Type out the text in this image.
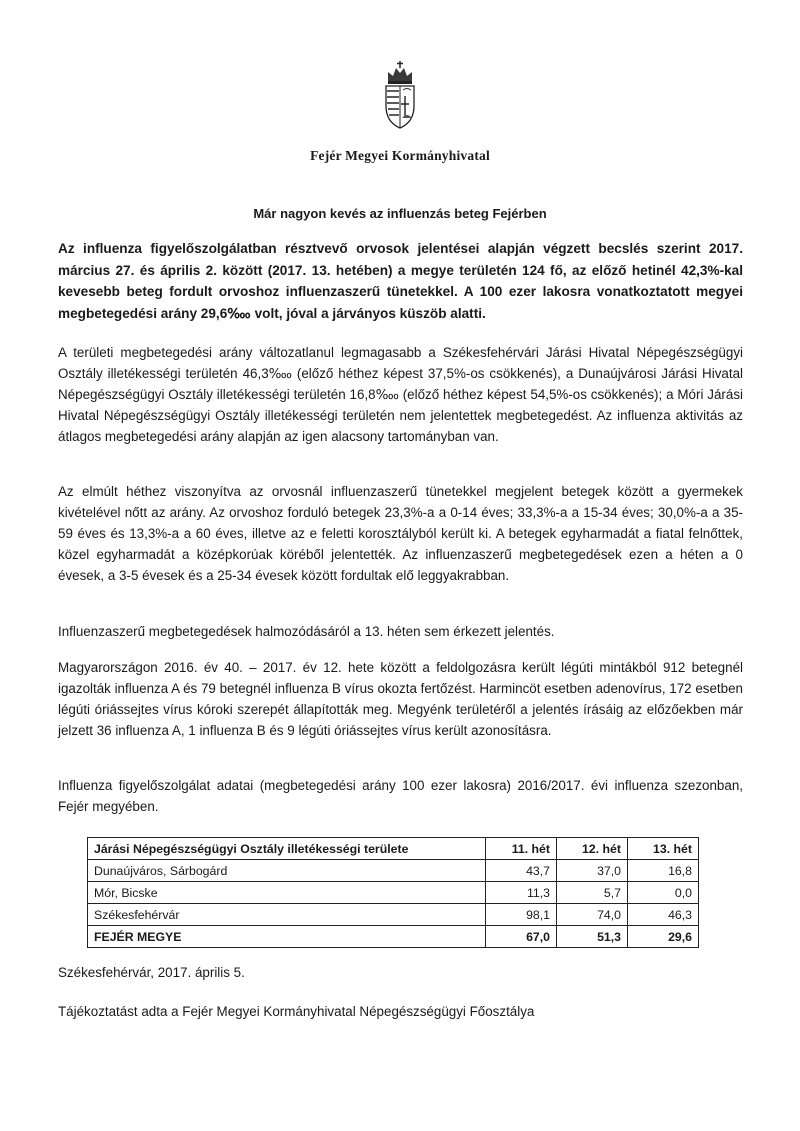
Fejér Megyei Kormányhivatal
Már nagyon kevés az influenzás beteg Fejérben

Az influenza figyelőszolgálatban résztvevő orvosok jelentései alapján végzett becslés szerint 2017. március 27. és április 2. között (2017. 13. hetében) a megye területén 124 fő, az előző hetinél 42,3%-kal kevesebb beteg fordult orvoshoz influenzaszerű tünetekkel. A 100 ezer lakosra vonatkoztatott megyei megbetegedési arány 29,6‱ volt, jóval a járványos küszöb alatti.

A területi megbetegedési arány változatlanul legmagasabb a Székesfehérvári Járási Hivatal Népegészségügyi Osztály illetékességi területén 46,3‱ (előző héthez képest 37,5%-os csökkenés), a Dunaújvárosi Járási Hivatal Népegészségügyi Osztály illetékességi területén 16,8‱ (előző héthez képest 54,5%-os csökkenés); a Móri Járási Hivatal Népegészségügyi Osztály illetékességi területén nem jelentettek megbetegedést. Az influenza aktivitás az átlagos megbetegedési arány alapján az igen alacsony tartományban van.

Az elmúlt héthez viszonyítva az orvosnál influenzaszerű tünetekkel megjelent betegek között a gyermekek kivételével nőtt az arány. Az orvoshoz forduló betegek 23,3%-a a 0-14 éves; 33,3%-a a 15-34 éves; 30,0%-a a 35-59 éves és 13,3%-a a 60 éves, illetve az e feletti korosztályból került ki. A betegek egyharmadát a fiatal felnőttek, közel egyharmadát a középkorúak köréből jelentették. Az influenzaszerű megbetegedések ezen a héten a 0 évesek, a 3-5 évesek és a 25-34 évesek között fordultak elő leggyakrabban.

Influenzaszerű megbetegedések halmozódásáról a 13. héten sem érkezett jelentés.

Magyarországon 2016. év 40. – 2017. év 12. hete között a feldolgozásra került légúti mintákból 912 betegnél igazolták influenza A és 79 betegnél influenza B vírus okozta fertőzést. Harmincöt esetben adenovírus, 172 esetben légúti óriássejtes vírus kóroki szerepét állapították meg. Megyénk területéről a jelentés írásáig az előzőekben már jelzett 36 influenza A, 1 influenza B és 9 légúti óriássejtes vírus került azonosításra.

Influenza figyelőszolgálat adatai (megbetegedési arány 100 ezer lakosra) 2016/2017. évi influenza szezonban, Fejér megyében.

Járási Népegészségügyi Osztály illetékességi területe	11. hét	12. hét	13. hét
Dunaújváros, Sárbogárd	43,7	37,0	16,8
Mór, Bicske	11,3	5,7	0,0
Székesfehérvár	98,1	74,0	46,3
FEJÉR MEGYE	67,0	51,3	29,6
Székesfehérvár, 2017. április 5.
Tájékoztatást adta a Fejér Megyei Kormányhivatal Népegészségügyi Főosztálya
